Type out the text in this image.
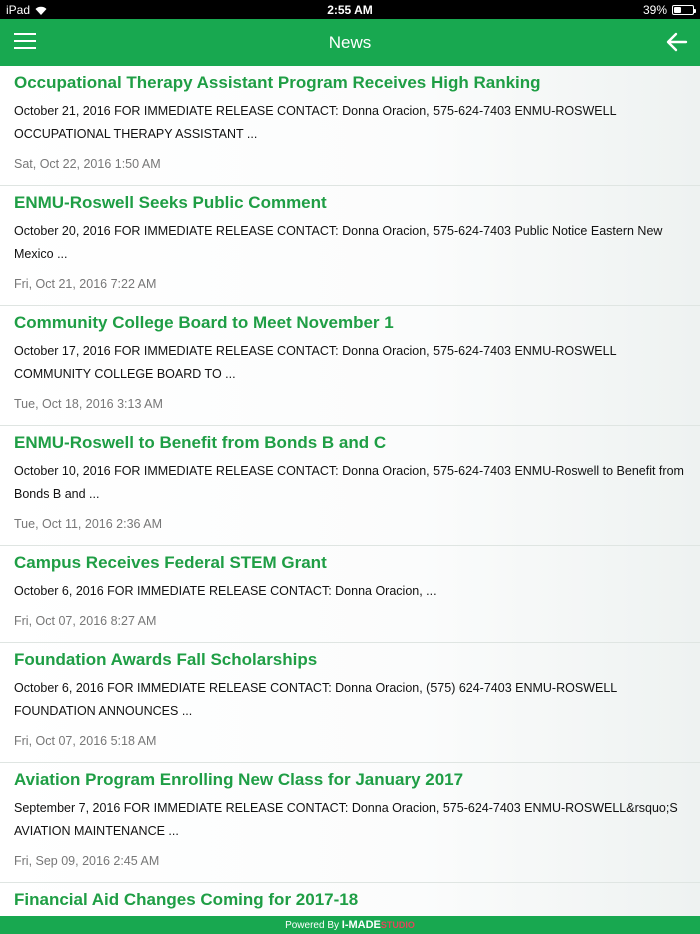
iPad	2:55 AM	39%
News
Occupational Therapy Assistant Program Receives High Ranking
October 21, 2016 FOR IMMEDIATE RELEASE CONTACT: Donna Oracion, 575-624-7403 ENMU-ROSWELL OCCUPATIONAL THERAPY ASSISTANT ...
Sat, Oct 22, 2016 1:50 AM
ENMU-Roswell Seeks Public Comment
October 20, 2016 FOR IMMEDIATE RELEASE CONTACT: Donna Oracion, 575-624-7403 Public Notice Eastern New Mexico ...
Fri, Oct 21, 2016 7:22 AM
Community College Board to Meet November 1
October 17, 2016 FOR IMMEDIATE RELEASE CONTACT: Donna Oracion, 575-624-7403 ENMU-ROSWELL COMMUNITY COLLEGE BOARD TO ...
Tue, Oct 18, 2016 3:13 AM
ENMU-Roswell to Benefit from Bonds B and C
October 10, 2016 FOR IMMEDIATE RELEASE CONTACT: Donna Oracion, 575-624-7403 ENMU-Roswell to Benefit from Bonds B and ...
Tue, Oct 11, 2016 2:36 AM
Campus Receives Federal STEM Grant
October 6, 2016 FOR IMMEDIATE RELEASE CONTACT: Donna Oracion, ...
Fri, Oct 07, 2016 8:27 AM
Foundation Awards Fall Scholarships
October 6, 2016 FOR IMMEDIATE RELEASE CONTACT: Donna Oracion, (575) 624-7403 ENMU-ROSWELL FOUNDATION ANNOUNCES ...
Fri, Oct 07, 2016 5:18 AM
Aviation Program Enrolling New Class for January 2017
September 7, 2016 FOR IMMEDIATE RELEASE CONTACT: Donna Oracion, 575-624-7403 ENMU-ROSWELL&rsquo;S AVIATION MAINTENANCE ...
Fri, Sep 09, 2016 2:45 AM
Financial Aid Changes Coming for 2017-18
Powered By I-MADESTUDIO
